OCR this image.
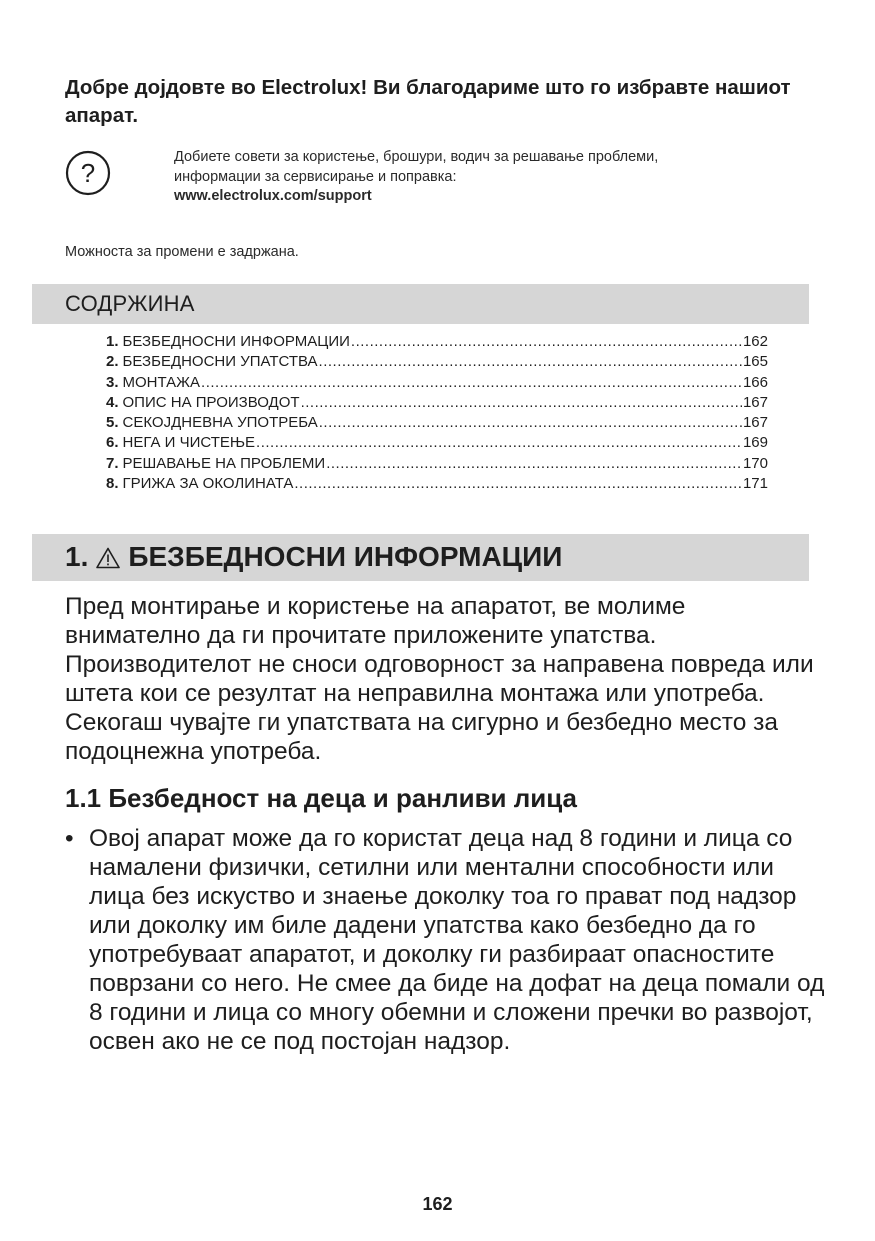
Добре дојдовте во Electrolux! Ви благодариме што го избравте нашиот апарат.
?
Добиете совети за користење, брошури, водич за решавање проблеми,
информации за сервисирање и поправка:
www.electrolux.com/support
Можноста за промени е задржана.
СОДРЖИНА
1. БЕЗБЕДНОСНИ ИНФОРМАЦИИ .....	162
2. БЕЗБЕДНОСНИ УПАТСТВА .....	165
3. МОНТАЖА .....	166
4. ОПИС НА ПРОИЗВОДОТ .....	167
5. СЕКОЈДНЕВНА УПОТРЕБА .....	167
6. НЕГА И ЧИСТЕЊЕ .....	169
7. РЕШАВАЊЕ НА ПРОБЛЕМИ .....	170
8. ГРИЖА ЗА ОКОЛИНАТА .....	171
1. БЕЗБЕДНОСНИ ИНФОРМАЦИИ
Пред монтирање и користење на апаратот, ве молиме внимателно да ги прочитате приложените упатства. Производителот не сноси одговорност за направена повреда или штета кои се резултат на неправилна монтажа или употреба. Секогаш чувајте ги упатствата на сигурно и безбедно место за подоцнежна употреба.
1.1 Безбедност на деца и ранливи лица
• Овој апарат може да го користат деца над 8 години и лица со намалени физички, сетилни или ментални способности или лица без искуство и знаење доколку тоа го прават под надзор или доколку им биле дадени упатства како безбедно да го употребуваат апаратот, и доколку ги разбираат опасностите поврзани со него. Не смее да биде на дофат на деца помали од 8 години и лица со многу обемни и сложени пречки во развојот, освен ако не се под постојан надзор.
162
